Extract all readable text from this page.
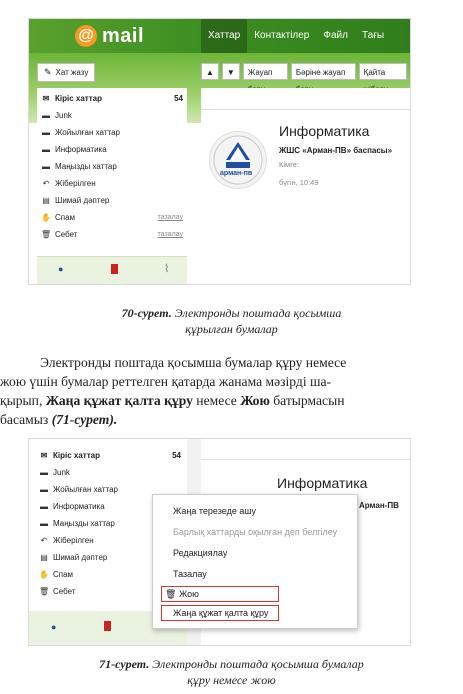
@ mail	Хаттар	Контактілер	Файл	Тағы
✎ Хат жазу	▲	▼	Жауап	Бәріне жауап	Қайта
✉ Кіріс хаттар	54
▬ Junk
▬ Жойылған хаттар
▬ Информатика
▬ Маңызды хаттар
↶ Жіберілген
▤ Шимай дәптер
✋ Спам	тазалау
🗑 Себет	тазалау
●	⌇
арман-пв
Информатика
ЖШС «Арман-ПВ» баспасы»
Кімге:
бүгін, 10:49
70-сурет. Электронды поштада қосымша
құрылған бумалар
Электронды поштада қосымша бумалар құру немесе
жою үшін бумалар реттелген қатарда жанама мәзірді ша-
қырып, Жаңа құжат қалта құру немесе Жою батырмасын
басамыз (71-сурет).
✉ Кіріс хаттар	54
▬ Junk
▬ Жойылған хаттар
▬ Информатика
▬ Маңызды хаттар
↶ Жіберілген
▤ Шимай дәптер
✋ Спам
🗑 Себет
●
Информатика
Арман-ПВ
Жаңа терезеде ашу
Барлық хаттарды оқылған деп белгілеу
Редакциялау
Тазалау
🗑 Жою
Жаңа құжат қалта құру
71-сурет. Электронды поштада қосымша бумалар
құру немесе жою
